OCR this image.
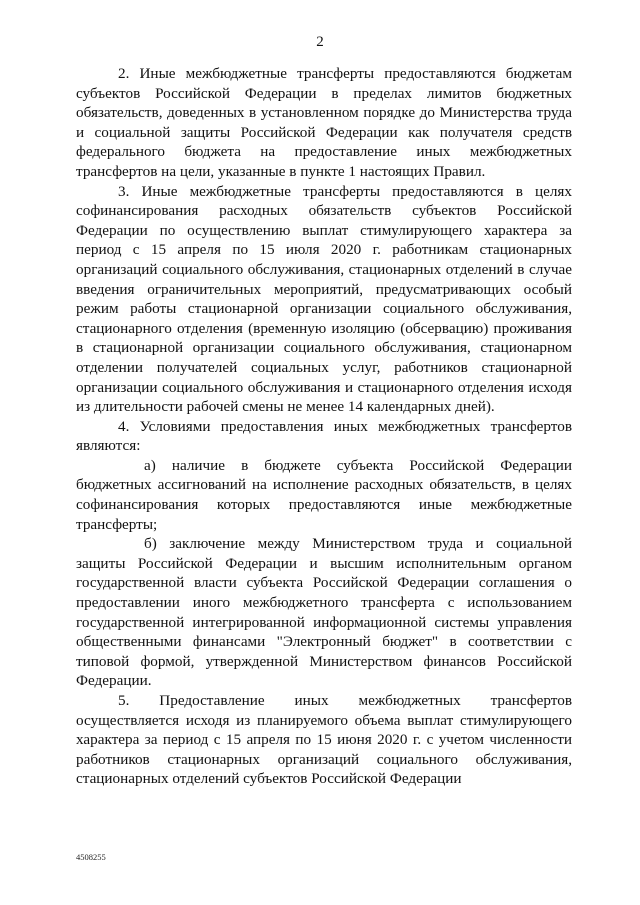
2

2. Иные межбюджетные трансферты предоставляются бюджетам субъектов Российской Федерации в пределах лимитов бюджетных обязательств, доведенных в установленном порядке до Министерства труда и социальной защиты Российской Федерации как получателя средств федерального бюджета на предоставление иных межбюджетных трансфертов на цели, указанные в пункте 1 настоящих Правил.

3. Иные межбюджетные трансферты предоставляются в целях софинансирования расходных обязательств субъектов Российской Федерации по осуществлению выплат стимулирующего характера за период с 15 апреля по 15 июля 2020 г. работникам стационарных организаций социального обслуживания, стационарных отделений в случае введения ограничительных мероприятий, предусматривающих особый режим работы стационарной организации социального обслуживания, стационарного отделения (временную изоляцию (обсервацию) проживания в стационарной организации социального обслуживания, стационарном отделении получателей социальных услуг, работников стационарной организации социального обслуживания и стационарного отделения исходя из длительности рабочей смены не менее 14 календарных дней).

4. Условиями предоставления иных межбюджетных трансфертов являются:

а) наличие в бюджете субъекта Российской Федерации бюджетных ассигнований на исполнение расходных обязательств, в целях софинансирования которых предоставляются иные межбюджетные трансферты;

б) заключение между Министерством труда и социальной защиты Российской Федерации и высшим исполнительным органом государственной власти субъекта Российской Федерации соглашения о предоставлении иного межбюджетного трансферта с использованием государственной интегрированной информационной системы управления общественными финансами "Электронный бюджет" в соответствии с типовой формой, утвержденной Министерством финансов Российской Федерации.

5. Предоставление иных межбюджетных трансфертов осуществляется исходя из планируемого объема выплат стимулирующего характера за период с 15 апреля по 15 июня 2020 г. с учетом численности работников стационарных организаций социального обслуживания, стационарных отделений субъектов Российской Федерации

4508255
